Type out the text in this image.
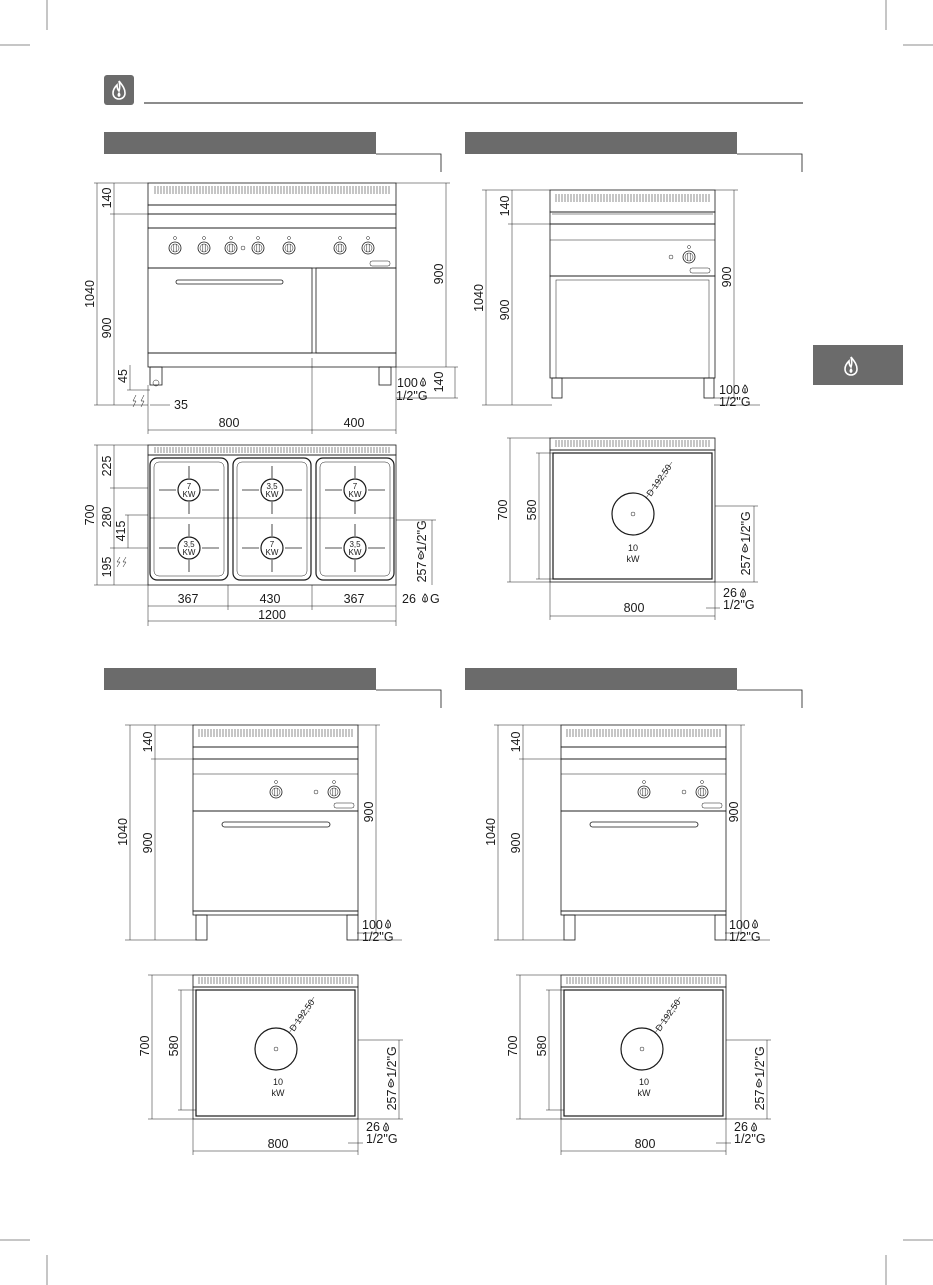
1040
140
900
45
35
900
140
100
1/2"G
800	400
7
KW
3,5
KW
7
KW
3,5
KW
7
KW
3,5
KW
700
225
280
195
415
257
1/2"G
367	430	367
1200
26 G
1040
140
900
900
100
1/2"G
D 192,50
10
kW
700 580
257
1/2"G
800
26
1/2"G
1040
140
900
900
100
1/2"G
D 192,50
10
kW
700 580
257
1/2"G
800
26
1/2"G
1040
140
900
900
100
1/2"G
D 192,50
10
kW
700 580
257
1/2"G
800
26
1/2"G
